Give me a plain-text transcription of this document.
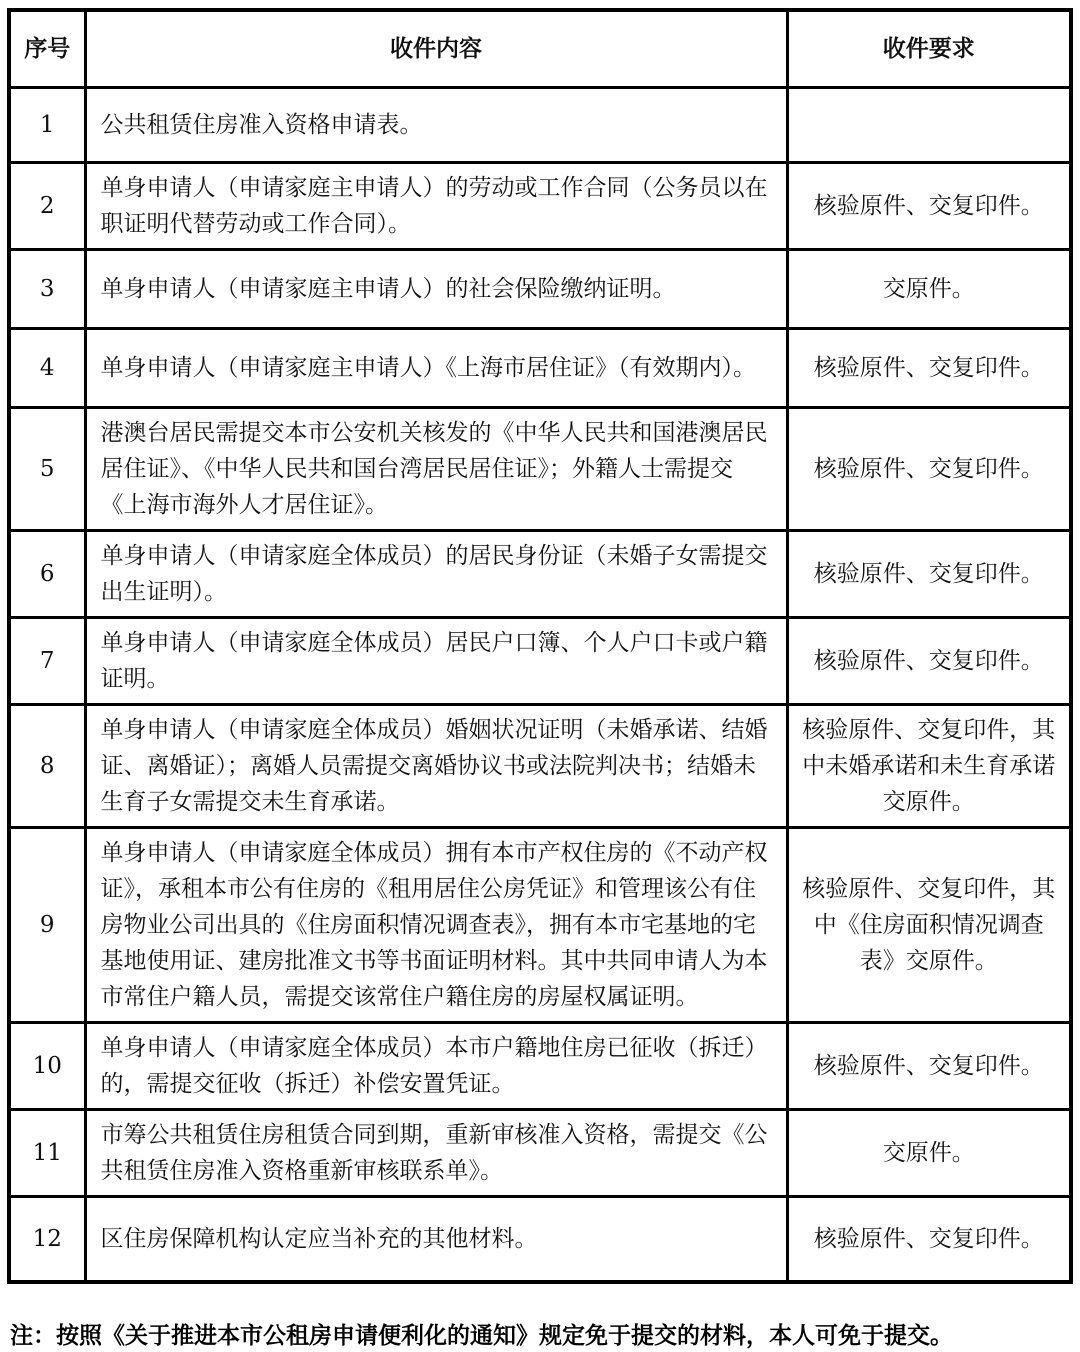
序号	收件内容	收件要求
1	公共租赁住房准入资格申请表。	
2	单身申请人（申请家庭主申请人）的劳动或工作合同（公务员以在职证明代替劳动或工作合同）。	核验原件、交复印件。
3	单身申请人（申请家庭主申请人）的社会保险缴纳证明。	交原件。
4	单身申请人（申请家庭主申请人）《上海市居住证》（有效期内）。	核验原件、交复印件。
5	港澳台居民需提交本市公安机关核发的《中华人民共和国港澳居民居住证》、《中华人民共和国台湾居民居住证》；外籍人士需提交《上海市海外人才居住证》。	核验原件、交复印件。
6	单身申请人（申请家庭全体成员）的居民身份证（未婚子女需提交出生证明）。	核验原件、交复印件。
7	单身申请人（申请家庭全体成员）居民户口簿、个人户口卡或户籍证明。	核验原件、交复印件。
8	单身申请人（申请家庭全体成员）婚姻状况证明（未婚承诺、结婚证、离婚证）；离婚人员需提交离婚协议书或法院判决书；结婚未生育子女需提交未生育承诺。	核验原件、交复印件，其中未婚承诺和未生育承诺交原件。
9	单身申请人（申请家庭全体成员）拥有本市产权住房的《不动产权证》，承租本市公有住房的《租用居住公房凭证》和管理该公有住房物业公司出具的《住房面积情况调查表》，拥有本市宅基地的宅基地使用证、建房批准文书等书面证明材料。其中共同申请人为本市常住户籍人员，需提交该常住户籍住房的房屋权属证明。	核验原件、交复印件，其中《住房面积情况调查表》交原件。
10	单身申请人（申请家庭全体成员）本市户籍地住房已征收（拆迁）的，需提交征收（拆迁）补偿安置凭证。	核验原件、交复印件。
11	市筹公共租赁住房租赁合同到期，重新审核准入资格，需提交《公共租赁住房准入资格重新审核联系单》。	交原件。
12	区住房保障机构认定应当补充的其他材料。	核验原件、交复印件。

注：按照《关于推进本市公租房申请便利化的通知》规定免于提交的材料，本人可免于提交。
